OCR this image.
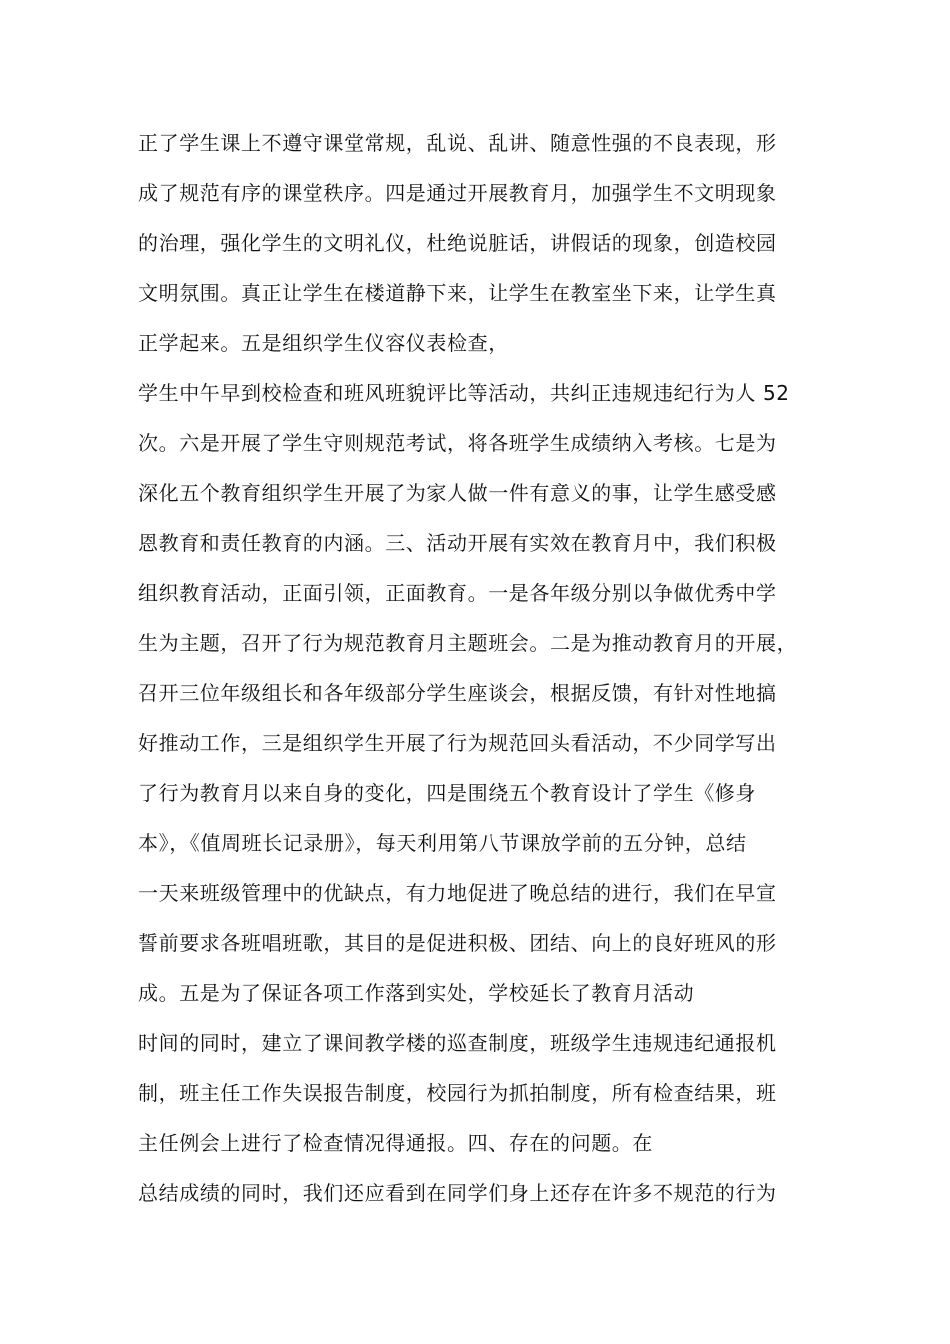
正了学生课上不遵守课堂常规，乱说、乱讲、随意性强的不良表现，形
成了规范有序的课堂秩序。四是通过开展教育月，加强学生不文明现象
的治理，强化学生的文明礼仪，杜绝说脏话，讲假话的现象，创造校园
文明氛围。真正让学生在楼道静下来，让学生在教室坐下来，让学生真
正学起来。五是组织学生仪容仪表检查，
学生中午早到校检查和班风班貌评比等活动，共纠正违规违纪行为人 52
次。六是开展了学生守则规范考试，将各班学生成绩纳入考核。七是为
深化五个教育组织学生开展了为家人做一件有意义的事，让学生感受感
恩教育和责任教育的内涵。三、活动开展有实效在教育月中，我们积极
组织教育活动，正面引领，正面教育。一是各年级分别以争做优秀中学
生为主题，召开了行为规范教育月主题班会。二是为推动教育月的开展，
召开三位年级组长和各年级部分学生座谈会，根据反馈，有针对性地搞
好推动工作，三是组织学生开展了行为规范回头看活动，不少同学写出
了行为教育月以来自身的变化，四是围绕五个教育设计了学生《修身
本》，《值周班长记录册》，每天利用第八节课放学前的五分钟，总结
一天来班级管理中的优缺点，有力地促进了晚总结的进行，我们在早宣
誓前要求各班唱班歌，其目的是促进积极、团结、向上的良好班风的形
成。五是为了保证各项工作落到实处，学校延长了教育月活动
时间的同时，建立了课间教学楼的巡查制度，班级学生违规违纪通报机
制，班主任工作失误报告制度，校园行为抓拍制度，所有检查结果，班
主任例会上进行了检查情况得通报。四、存在的问题。在
总结成绩的同时，我们还应看到在同学们身上还存在许多不规范的行为
